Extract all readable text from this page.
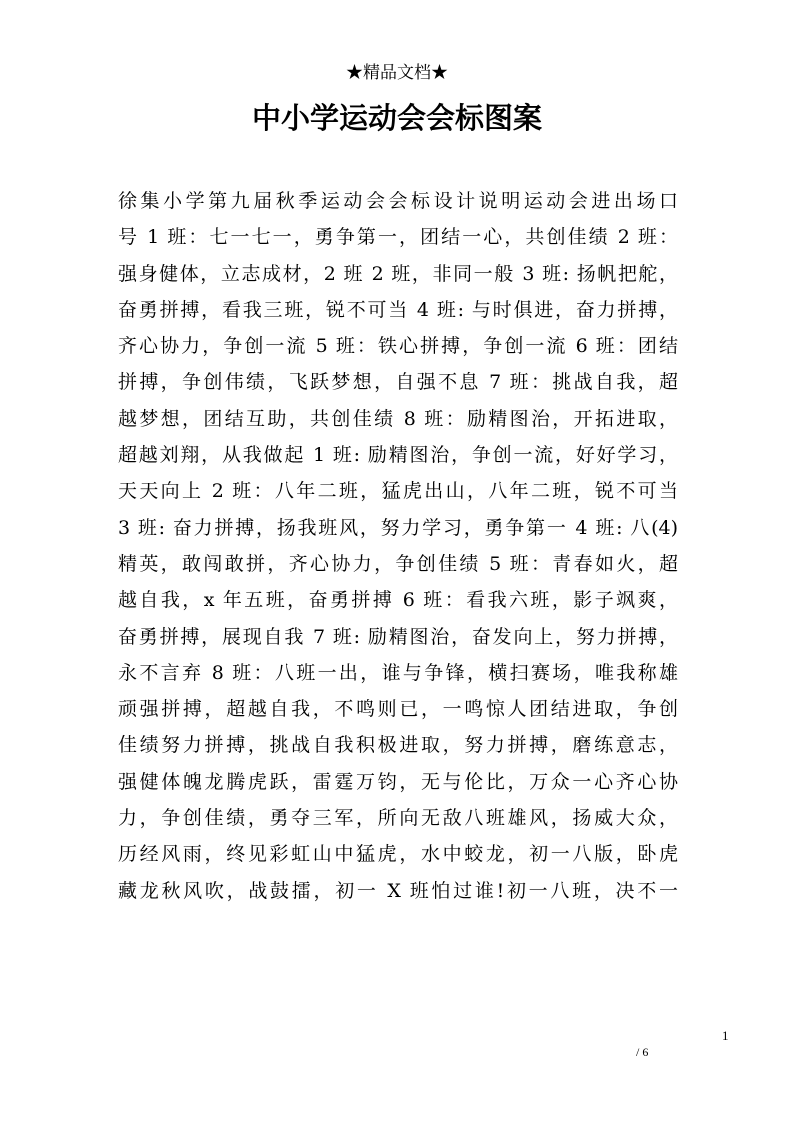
★精品文档★
中小学运动会会标图案
徐集小学第九届秋季运动会会标设计说明运动会进出场口
号 1 班：七一七一，勇争第一，团结一心，共创佳绩 2 班：
强身健体，立志成材，2 班 2 班，非同一般 3 班: 扬帆把舵，
奋勇拼搏，看我三班，锐不可当 4 班: 与时俱进，奋力拼搏，
齐心协力，争创一流 5 班：铁心拼搏，争创一流 6 班：团结
拼搏，争创伟绩，飞跃梦想，自强不息 7 班：挑战自我，超
越梦想，团结互助，共创佳绩 8 班：励精图治，开拓进取，
超越刘翔，从我做起 1 班: 励精图治，争创一流，好好学习，
天天向上 2 班：八年二班，猛虎出山，八年二班，锐不可当
3 班: 奋力拼搏，扬我班风，努力学习，勇争第一 4 班: 八(4)
精英，敢闯敢拼，齐心协力，争创佳绩 5 班：青春如火，超
越自我，x 年五班，奋勇拼搏 6 班：看我六班，影子飒爽，
奋勇拼搏，展现自我 7 班: 励精图治，奋发向上，努力拼搏，
永不言弃 8 班：八班一出，谁与争锋，横扫赛场，唯我称雄
顽强拼搏，超越自我，不鸣则已，一鸣惊人团结进取，争创
佳绩努力拼搏，挑战自我积极进取，努力拼搏，磨练意志，
强健体魄龙腾虎跃，雷霆万钧，无与伦比，万众一心齐心协
力，争创佳绩，勇夺三军，所向无敌八班雄风，扬威大众，
历经风雨，终见彩虹山中猛虎，水中蛟龙，初一八版，卧虎
藏龙秋风吹，战鼓擂，初一 X 班怕过谁!初一八班，决不一
1
/ 6
